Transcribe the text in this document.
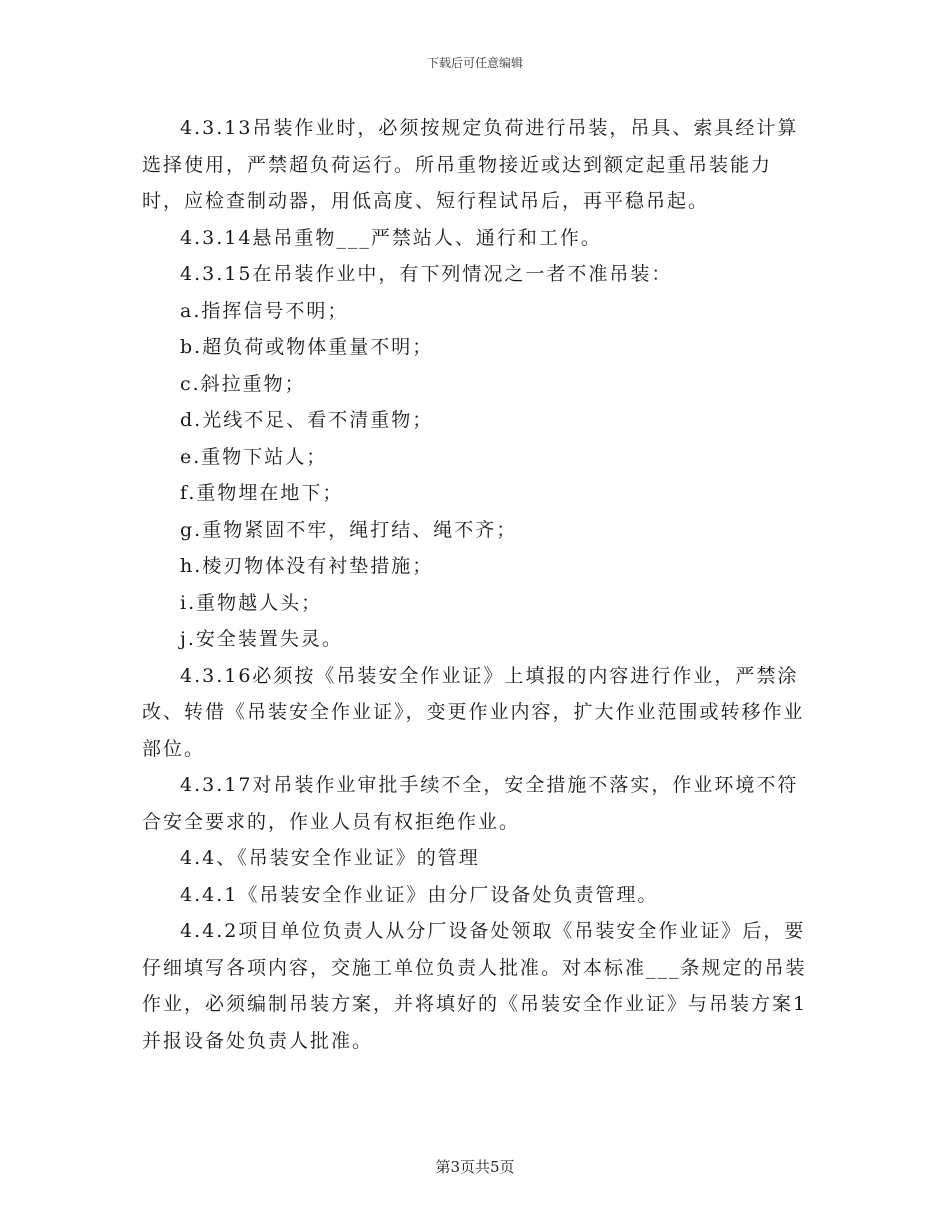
下载后可任意编辑

4.3.13吊装作业时，必须按规定负荷进行吊装，吊具、索具经计算选择使用，严禁超负荷运行。所吊重物接近或达到额定起重吊装能力时，应检查制动器，用低高度、短行程试吊后，再平稳吊起。

4.3.14悬吊重物___严禁站人、通行和工作。

4.3.15在吊装作业中，有下列情况之一者不准吊装：

a.指挥信号不明；

b.超负荷或物体重量不明；

c.斜拉重物；

d.光线不足、看不清重物；

e.重物下站人；

f.重物埋在地下；

g.重物紧固不牢，绳打结、绳不齐；

h.棱刃物体没有衬垫措施；

i.重物越人头；

j.安全装置失灵。

4.3.16必须按《吊装安全作业证》上填报的内容进行作业，严禁涂改、转借《吊装安全作业证》，变更作业内容，扩大作业范围或转移作业部位。

4.3.17对吊装作业审批手续不全，安全措施不落实，作业环境不符合安全要求的，作业人员有权拒绝作业。

4.4、《吊装安全作业证》的管理

4.4.1《吊装安全作业证》由分厂设备处负责管理。

4.4.2项目单位负责人从分厂设备处领取《吊装安全作业证》后，要仔细填写各项内容，交施工单位负责人批准。对本标准___条规定的吊装作业，必须编制吊装方案，并将填好的《吊装安全作业证》与吊装方案1并报设备处负责人批准。

第3页共5页
